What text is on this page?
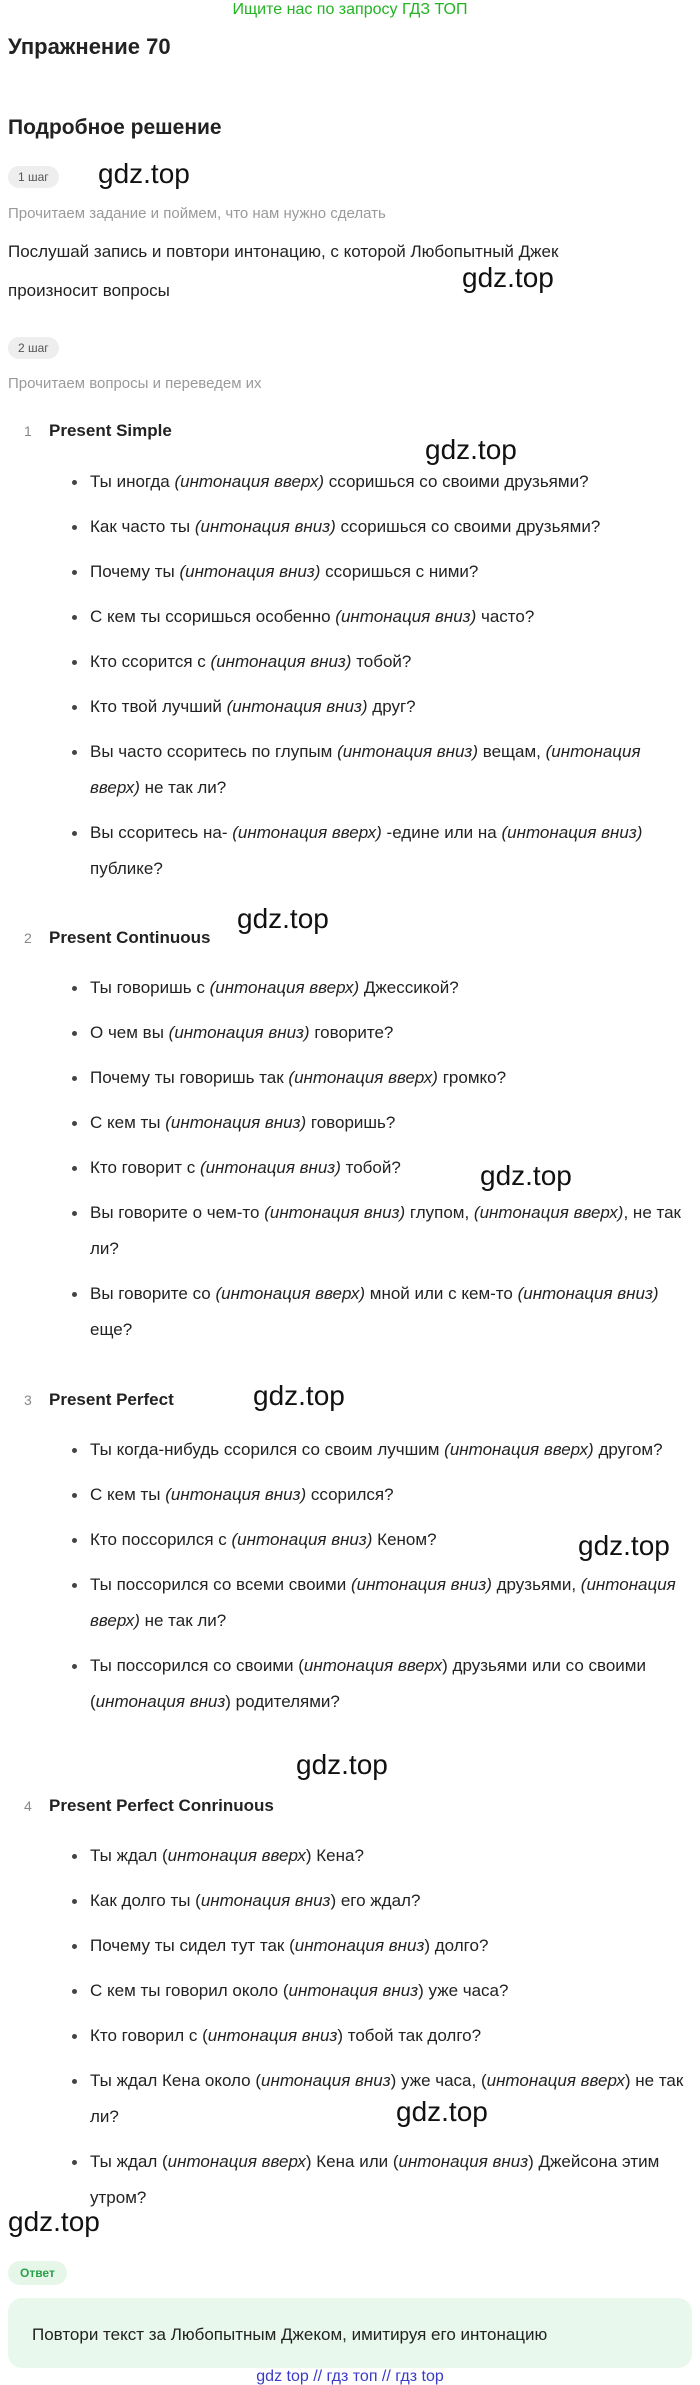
Ищите нас по запросу ГДЗ ТОП
Упражнение 70
Подробное решение
1 шаг
Прочитаем задание и поймем, что нам нужно сделать
Послушай запись и повтори интонацию, с которой Любопытный Джек произносит вопросы
2 шаг
Прочитаем вопросы и переведем их
1 Present Simple
Ты иногда (интонация вверх) ссоришься со своими друзьями?
Как часто ты (интонация вниз) ссоришься со своими друзьями?
Почему ты (интонация вниз) ссоришься с ними?
С кем ты ссоришься особенно (интонация вниз) часто?
Кто ссорится с (интонация вниз) тобой?
Кто твой лучший (интонация вниз) друг?
Вы часто ссоритесь по глупым (интонация вниз) вещам, (интонация вверх) не так ли?
Вы ссоритесь на- (интонация вверх) -едине или на (интонация вниз) публике?
2 Present Continuous
Ты говоришь с (интонация вверх) Джессикой?
О чем вы (интонация вниз) говорите?
Почему ты говоришь так (интонация вверх) громко?
С кем ты (интонация вниз) говоришь?
Кто говорит с (интонация вниз) тобой?
Вы говорите о чем-то (интонация вниз) глупом, (интонация вверх), не так ли?
Вы говорите со (интонация вверх) мной или с кем-то (интонация вниз) еще?
3 Present Perfect
Ты когда-нибудь ссорился со своим лучшим (интонация вверх) другом?
С кем ты (интонация вниз) ссорился?
Кто поссорился с (интонация вниз) Кеном?
Ты поссорился со всеми своими (интонация вниз) друзьями, (интонация вверх) не так ли?
Ты поссорился со своими (интонация вверх) друзьями или со своими (интонация вниз) родителями?
4 Present Perfect Conrinuous
Ты ждал (интонация вверх) Кена?
Как долго ты (интонация вниз) его ждал?
Почему ты сидел тут так (интонация вниз) долго?
С кем ты говорил около (интонация вниз) уже часа?
Кто говорил с (интонация вниз) тобой так долго?
Ты ждал Кена около (интонация вниз) уже часа, (интонация вверх) не так ли?
Ты ждал (интонация вверх) Кена или (интонация вниз) Джейсона этим утром?
gdz.top
gdz.top
gdz.top
gdz.top
gdz.top
gdz.top
gdz.top
gdz.top
gdz.top
gdz.top
Ответ
Повтори текст за Любопытным Джеком, имитируя его интонацию
gdz top // гдз топ // гдз top
